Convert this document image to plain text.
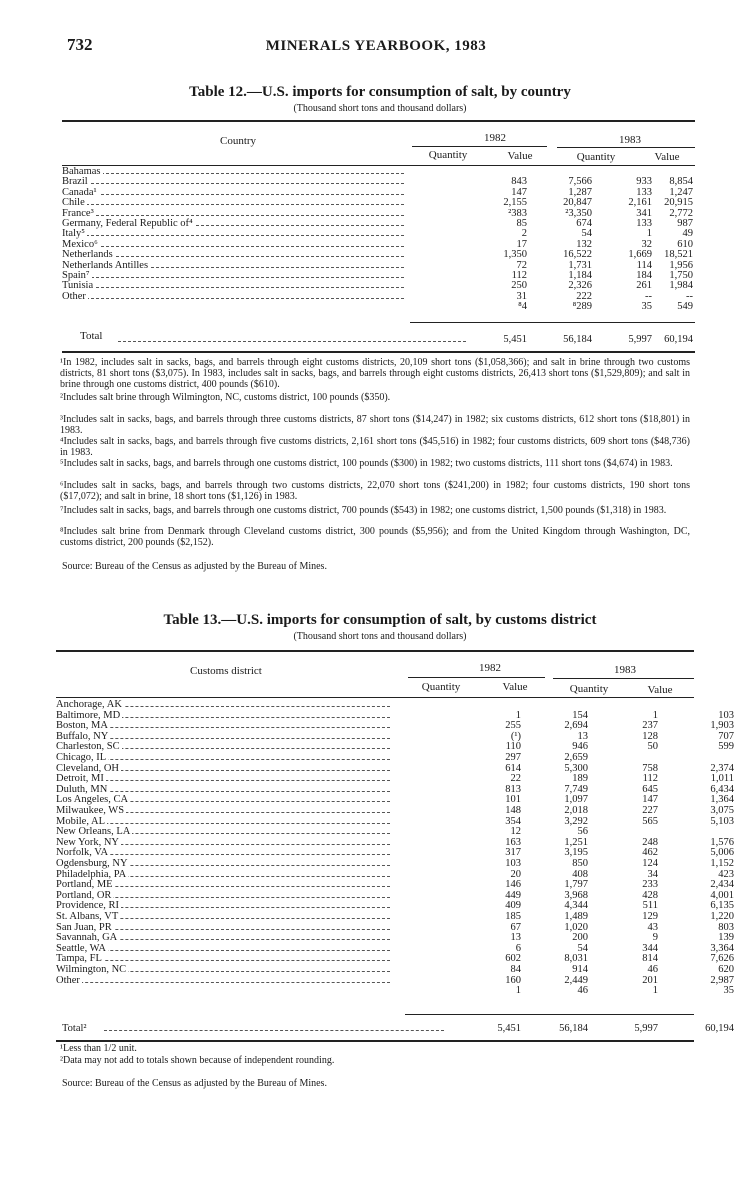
732	MINERALS YEARBOOK, 1983
Table 12.—U.S. imports for consumption of salt, by country
(Thousand short tons and thousand dollars)
Country	1982	1983
Quantity	Value	Quantity	Value
Bahamas
Brazil	843	7,566	933	8,854
Canada¹	147	1,287	133	1,247
Chile	2,155	20,847	2,161	20,915
France³	²383	²3,350	341	2,772
Germany, Federal Republic of⁴	85	674	133	987
Italy⁵	2	54	1	49
Mexico⁶	17	132	32	610
Netherlands	1,350	16,522	1,669	18,521
Netherlands Antilles	72	1,731	114	1,956
Spain⁷	112	1,184	184	1,750
Tunisia	250	2,326	261	1,984
Other	31	222	--	--
⁸4	⁸289	35	549
Total	5,451	56,184	5,997	60,194
¹In 1982, includes salt in sacks, bags, and barrels through eight customs districts, 20,109 short tons ($1,058,366); and salt in brine through two customs districts, 81 short tons ($3,075). In 1983, includes salt in sacks, bags, and barrels through eight customs districts, 26,413 short tons ($1,529,809); and salt in brine through one customs district, 400 pounds ($610).
²Includes salt brine through Wilmington, NC, customs district, 100 pounds ($350).
³Includes salt in sacks, bags, and barrels through three customs districts, 87 short tons ($14,247) in 1982; six customs districts, 612 short tons ($18,801) in 1983.
⁴Includes salt in sacks, bags, and barrels through five customs districts, 2,161 short tons ($45,516) in 1982; four customs districts, 609 short tons ($48,736) in 1983.
⁵Includes salt in sacks, bags, and barrels through one customs district, 100 pounds ($300) in 1982; two customs districts, 111 short tons ($4,674) in 1983.
⁶Includes salt in sacks, bags, and barrels through two customs districts, 22,070 short tons ($241,200) in 1982; four customs districts, 190 short tons ($17,072); and salt in brine, 18 short tons ($1,126) in 1983.
⁷Includes salt in sacks, bags, and barrels through one customs district, 700 pounds ($543) in 1982; one customs district, 1,500 pounds ($1,318) in 1983.
⁸Includes salt brine from Denmark through Cleveland customs district, 300 pounds ($5,956); and from the United Kingdom through Washington, DC, customs district, 200 pounds ($2,152).
Source: Bureau of the Census as adjusted by the Bureau of Mines.
Table 13.—U.S. imports for consumption of salt, by customs district
(Thousand short tons and thousand dollars)
Customs district	1982	1983
Quantity	Value	Quantity	Value
Anchorage, AK
Baltimore, MD	1	154	1	103
Boston, MA	255	2,694	237	1,903
Buffalo, NY	(¹)	13	128	707
Charleston, SC	110	946	50	599
Chicago, IL	297	2,659
Cleveland, OH	614	5,300	758	2,374
Detroit, MI	22	189	112	1,011
Duluth, MN	813	7,749	645	6,434
Los Angeles, CA	101	1,097	147	1,364
Milwaukee, WS	148	2,018	227	3,075
Mobile, AL	354	3,292	565	5,103
New Orleans, LA	12	56
New York, NY	163	1,251	248	1,576
Norfolk, VA	317	3,195	462	5,006
Ogdensburg, NY	103	850	124	1,152
Philadelphia, PA	20	408	34	423
Portland, ME	146	1,797	233	2,434
Portland, OR	449	3,968	428	4,001
Providence, RI	409	4,344	511	6,135
St. Albans, VT	185	1,489	129	1,220
San Juan, PR	67	1,020	43	803
Savannah, GA	13	200	9	139
Seattle, WA	6	54	344	3,364
Tampa, FL	602	8,031	814	7,626
Wilmington, NC	84	914	46	620
Other	160	2,449	201	2,987
1	46	1	35
Total²	5,451	56,184	5,997	60,194
¹Less than 1/2 unit.
²Data may not add to totals shown because of independent rounding.
Source: Bureau of the Census as adjusted by the Bureau of Mines.
